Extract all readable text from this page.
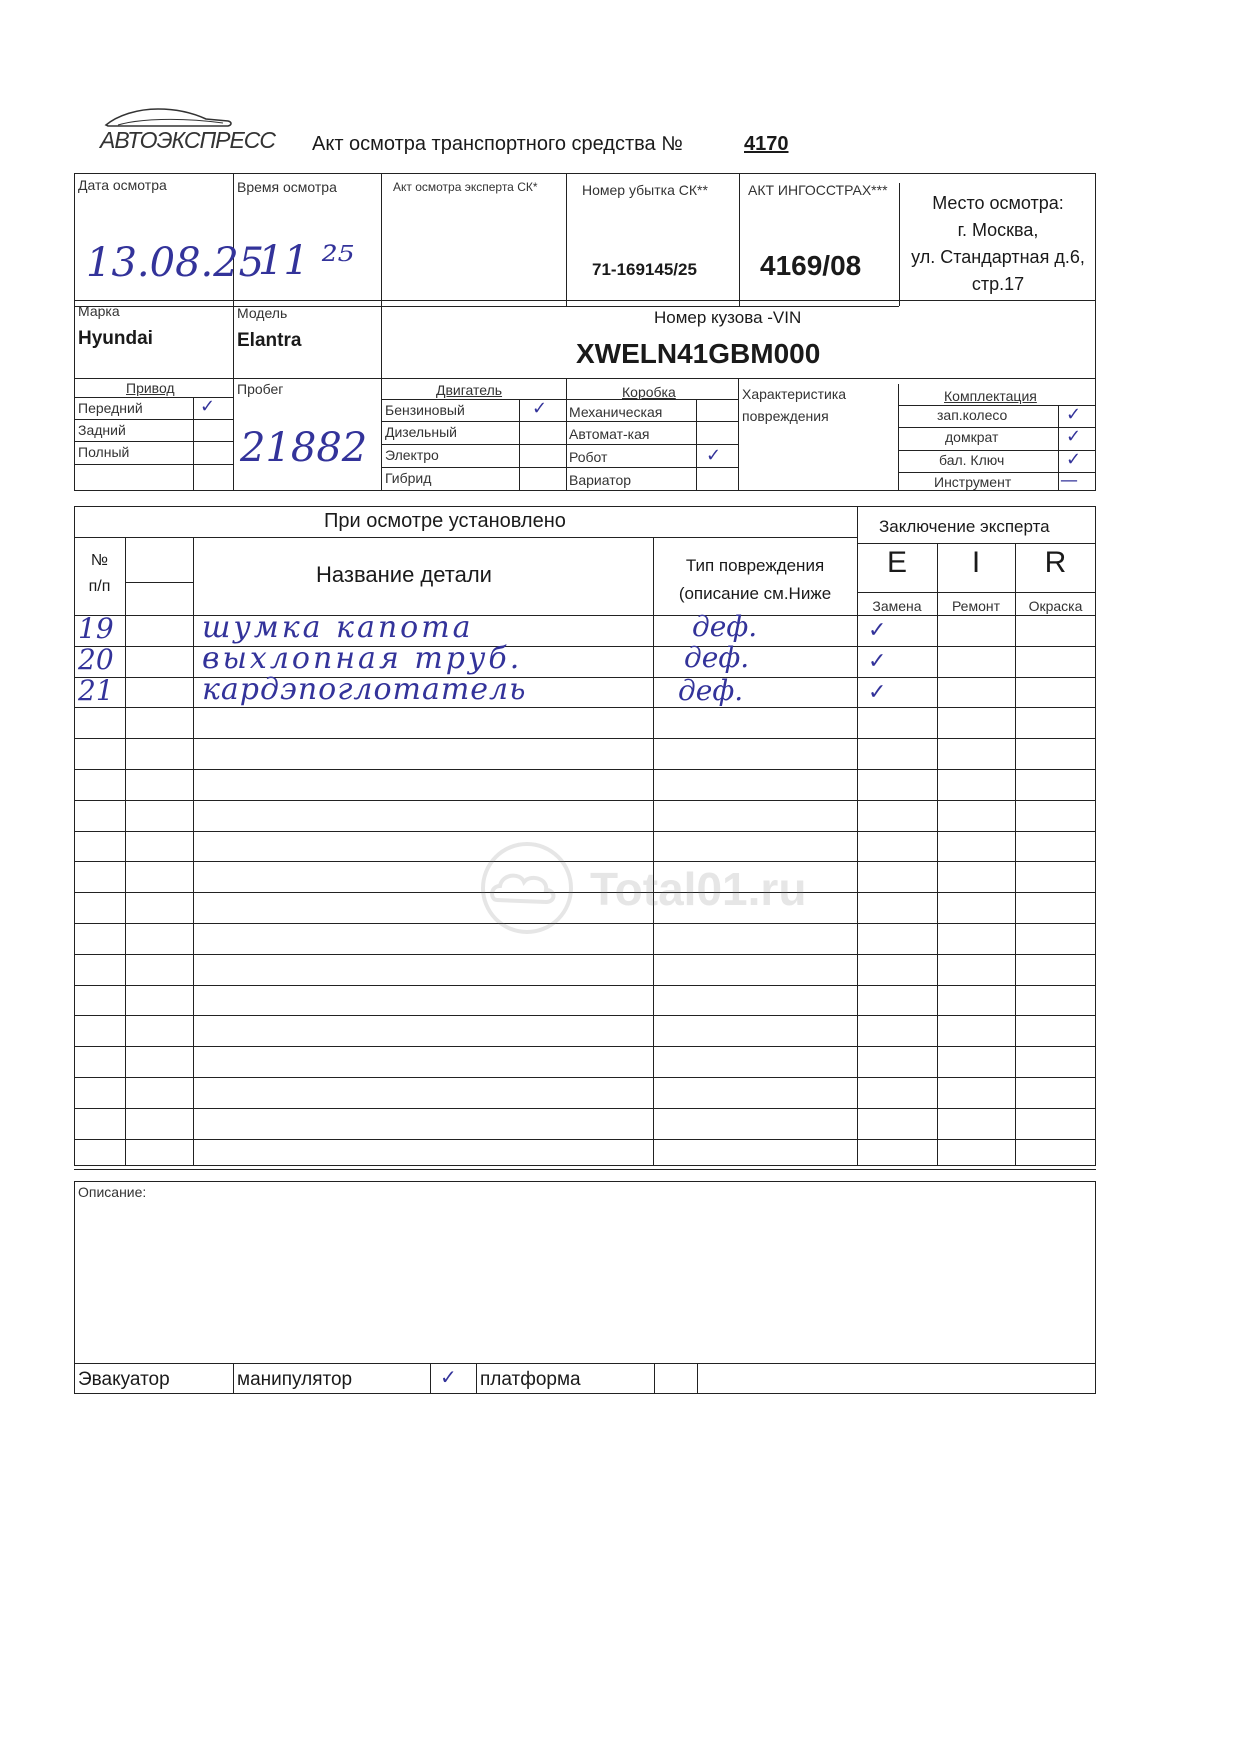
АВТОЭКСПРЕСС Акт осмотра транспортного средства №	4170
Дата осмотра
13.08.25
Время осмотра
11 ²⁵
Акт осмотра эксперта СК*	Номер убытка СК**
71-169145/25
АКТ ИНГОССТРАХ***
4169/08
Место осмотра:
г. Москва,
ул. Стандартная д.6,
стр.17
Марка
Hyundai
Модель
Elantra
Номер кузова -VIN
XWELN41GBM000
Привод
Передний	✓
Задний
Полный
Пробег
21882
Двигатель
Бензиновый	✓
Дизельный
Электро
Гибрид
Коробка
Механическая
Автомат-кая
Робот	✓
Вариатор
Характеристика
повреждения
Комплектация
зап.колесо	✓
домкрат	✓
бал. Ключ	✓
Инструмент	—
При осмотре установлено	Заключение эксперта
№
п/п	Название детали	Тип повреждения
(описание см.Ниже
E	I	R
Замена	Ремонт	Окраска
19	шумка капота	деф.	✓
20	выхлопная труб.	деф.	✓
21	кардэпоглотатель	деф.	✓
Total01.ru
Описание:
Эвакуатор	манипулятор	✓ платформа
